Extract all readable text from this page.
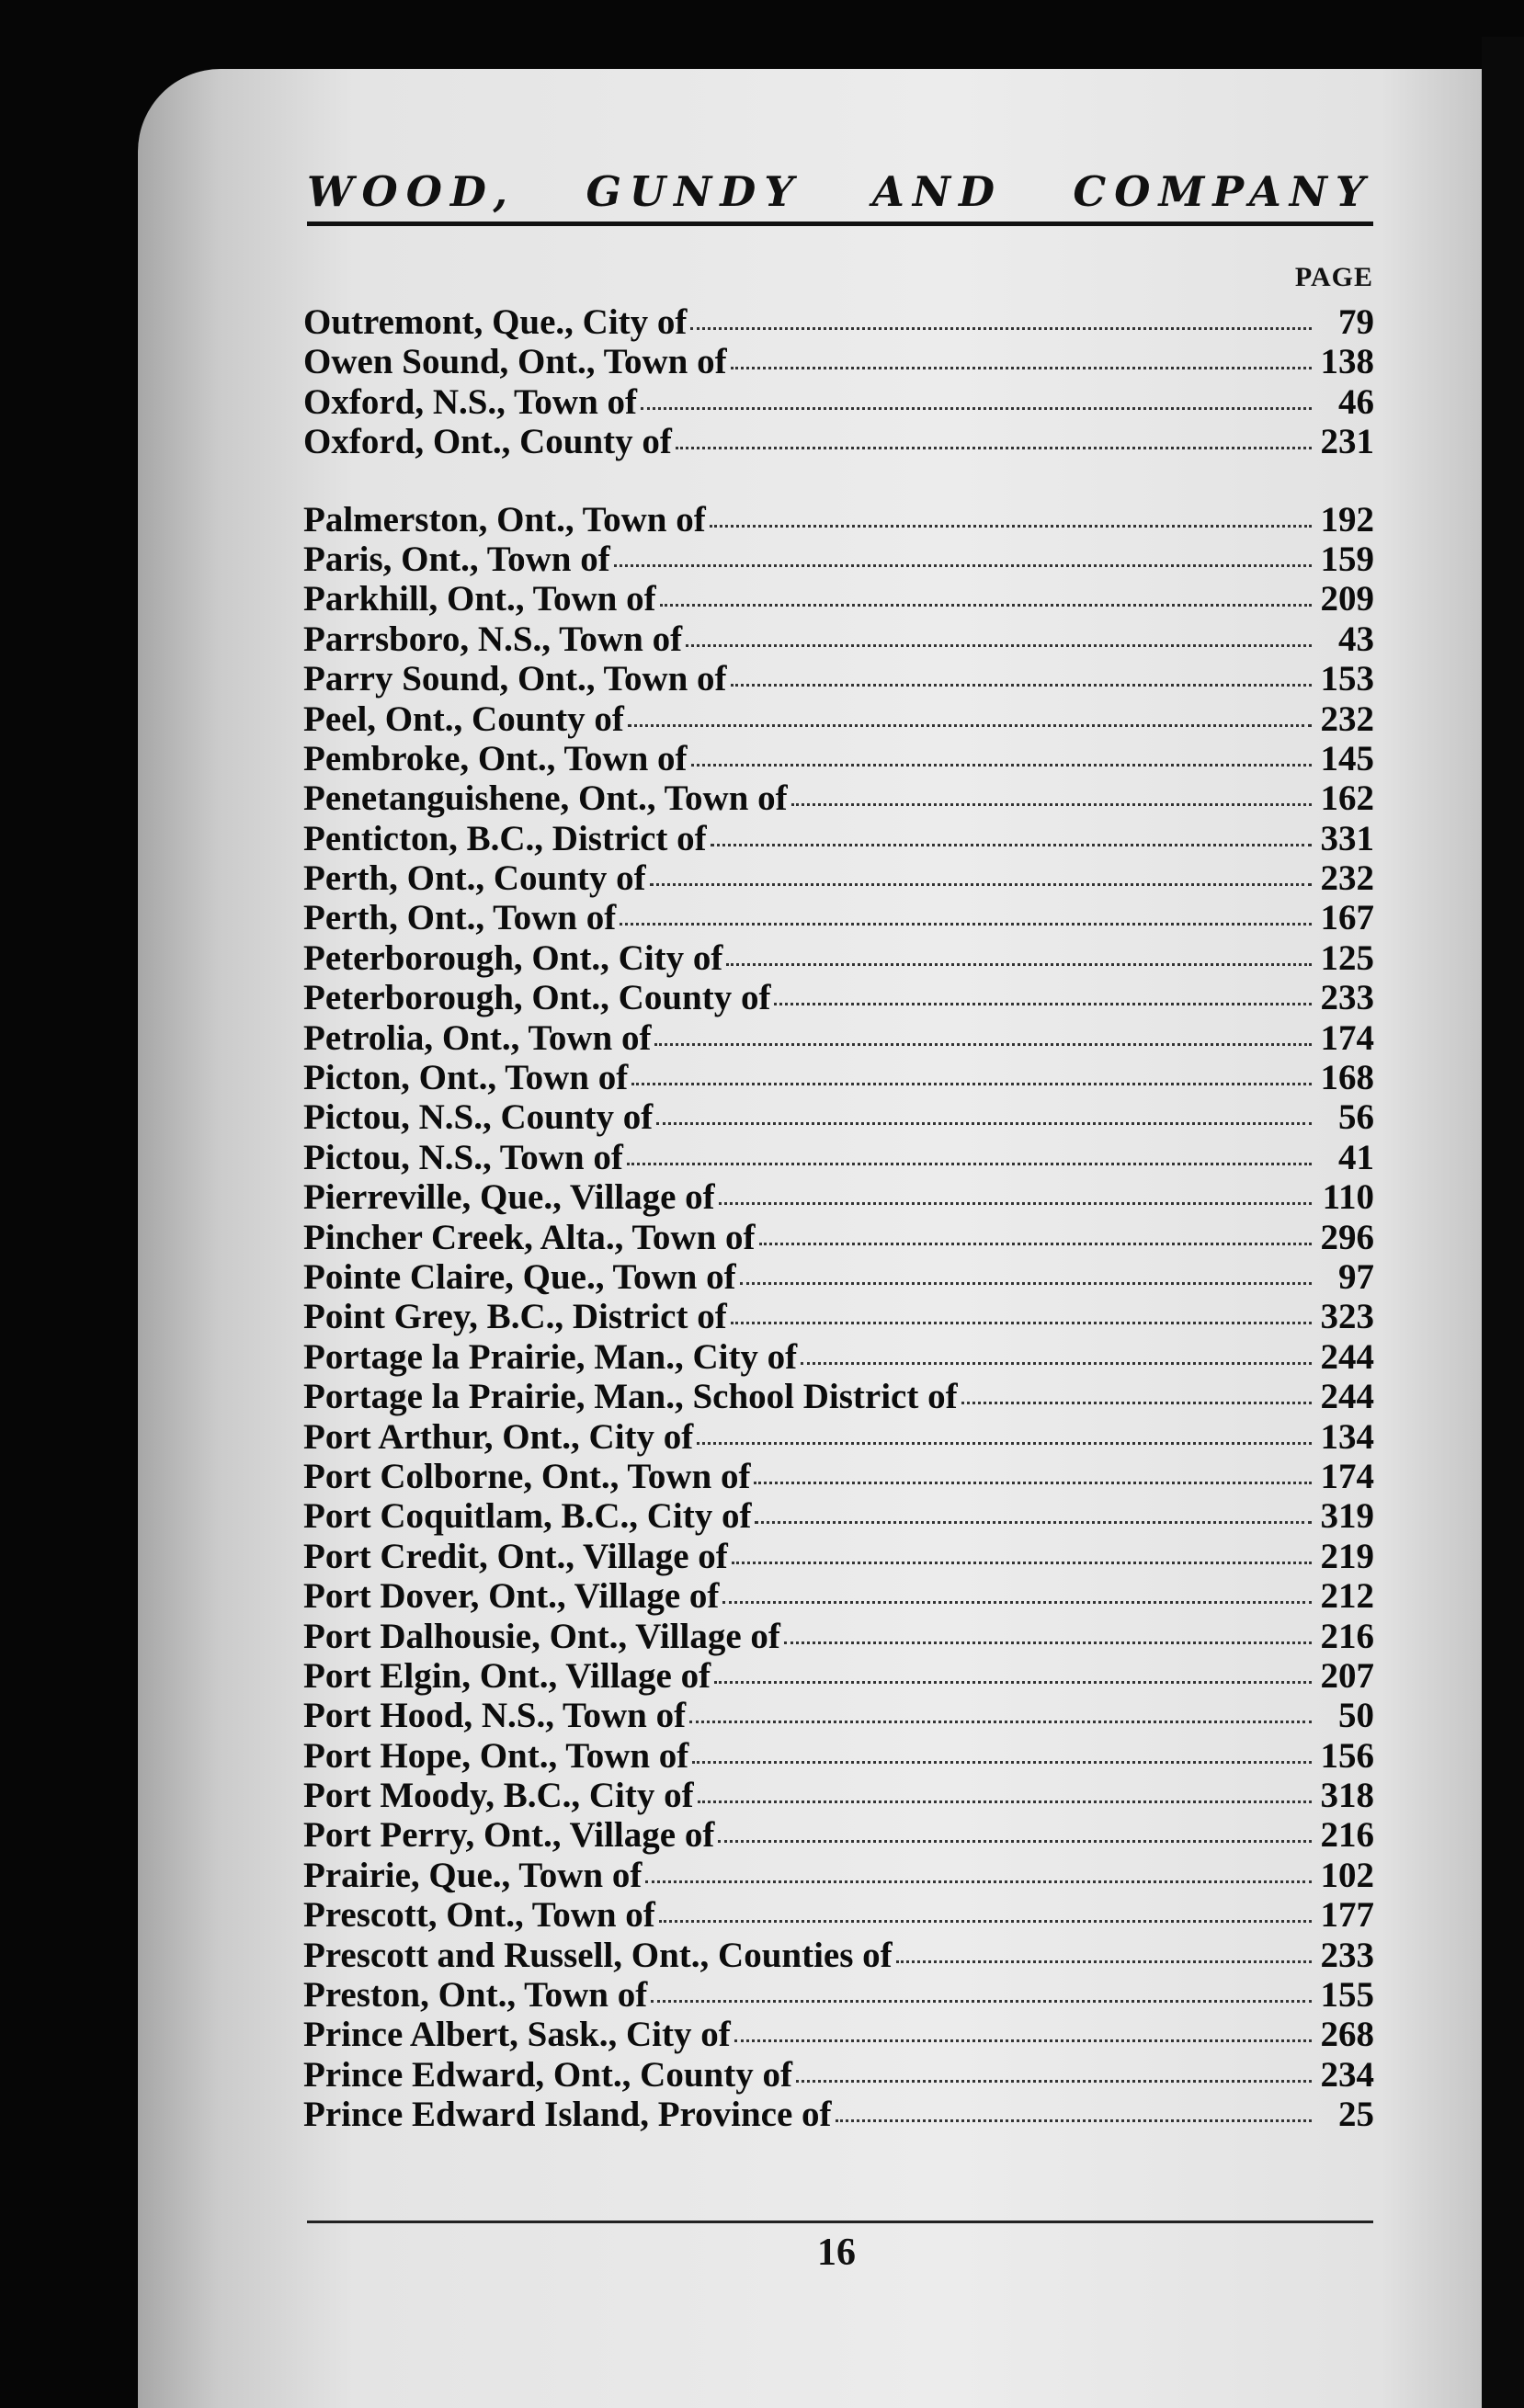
WOOD, GUNDY AND COMPANY
PAGE
Outremont, Que., City of	79
Owen Sound, Ont., Town of	138
Oxford, N.S., Town of	46
Oxford, Ont., County of	231
Palmerston, Ont., Town of	192
Paris, Ont., Town of	159
Parkhill, Ont., Town of	209
Parrsboro, N.S., Town of	43
Parry Sound, Ont., Town of	153
Peel, Ont., County of	232
Pembroke, Ont., Town of	145
Penetanguishene, Ont., Town of	162
Penticton, B.C., District of	331
Perth, Ont., County of	232
Perth, Ont., Town of	167
Peterborough, Ont., City of	125
Peterborough, Ont., County of	233
Petrolia, Ont., Town of	174
Picton, Ont., Town of	168
Pictou, N.S., County of	56
Pictou, N.S., Town of	41
Pierreville, Que., Village of	110
Pincher Creek, Alta., Town of	296
Pointe Claire, Que., Town of	97
Point Grey, B.C., District of	323
Portage la Prairie, Man., City of	244
Portage la Prairie, Man., School District of	244
Port Arthur, Ont., City of	134
Port Colborne, Ont., Town of	174
Port Coquitlam, B.C., City of	319
Port Credit, Ont., Village of	219
Port Dover, Ont., Village of	212
Port Dalhousie, Ont., Village of	216
Port Elgin, Ont., Village of	207
Port Hood, N.S., Town of	50
Port Hope, Ont., Town of	156
Port Moody, B.C., City of	318
Port Perry, Ont., Village of	216
Prairie, Que., Town of	102
Prescott, Ont., Town of	177
Prescott and Russell, Ont., Counties of	233
Preston, Ont., Town of	155
Prince Albert, Sask., City of	268
Prince Edward, Ont., County of	234
Prince Edward Island, Province of	25
16
